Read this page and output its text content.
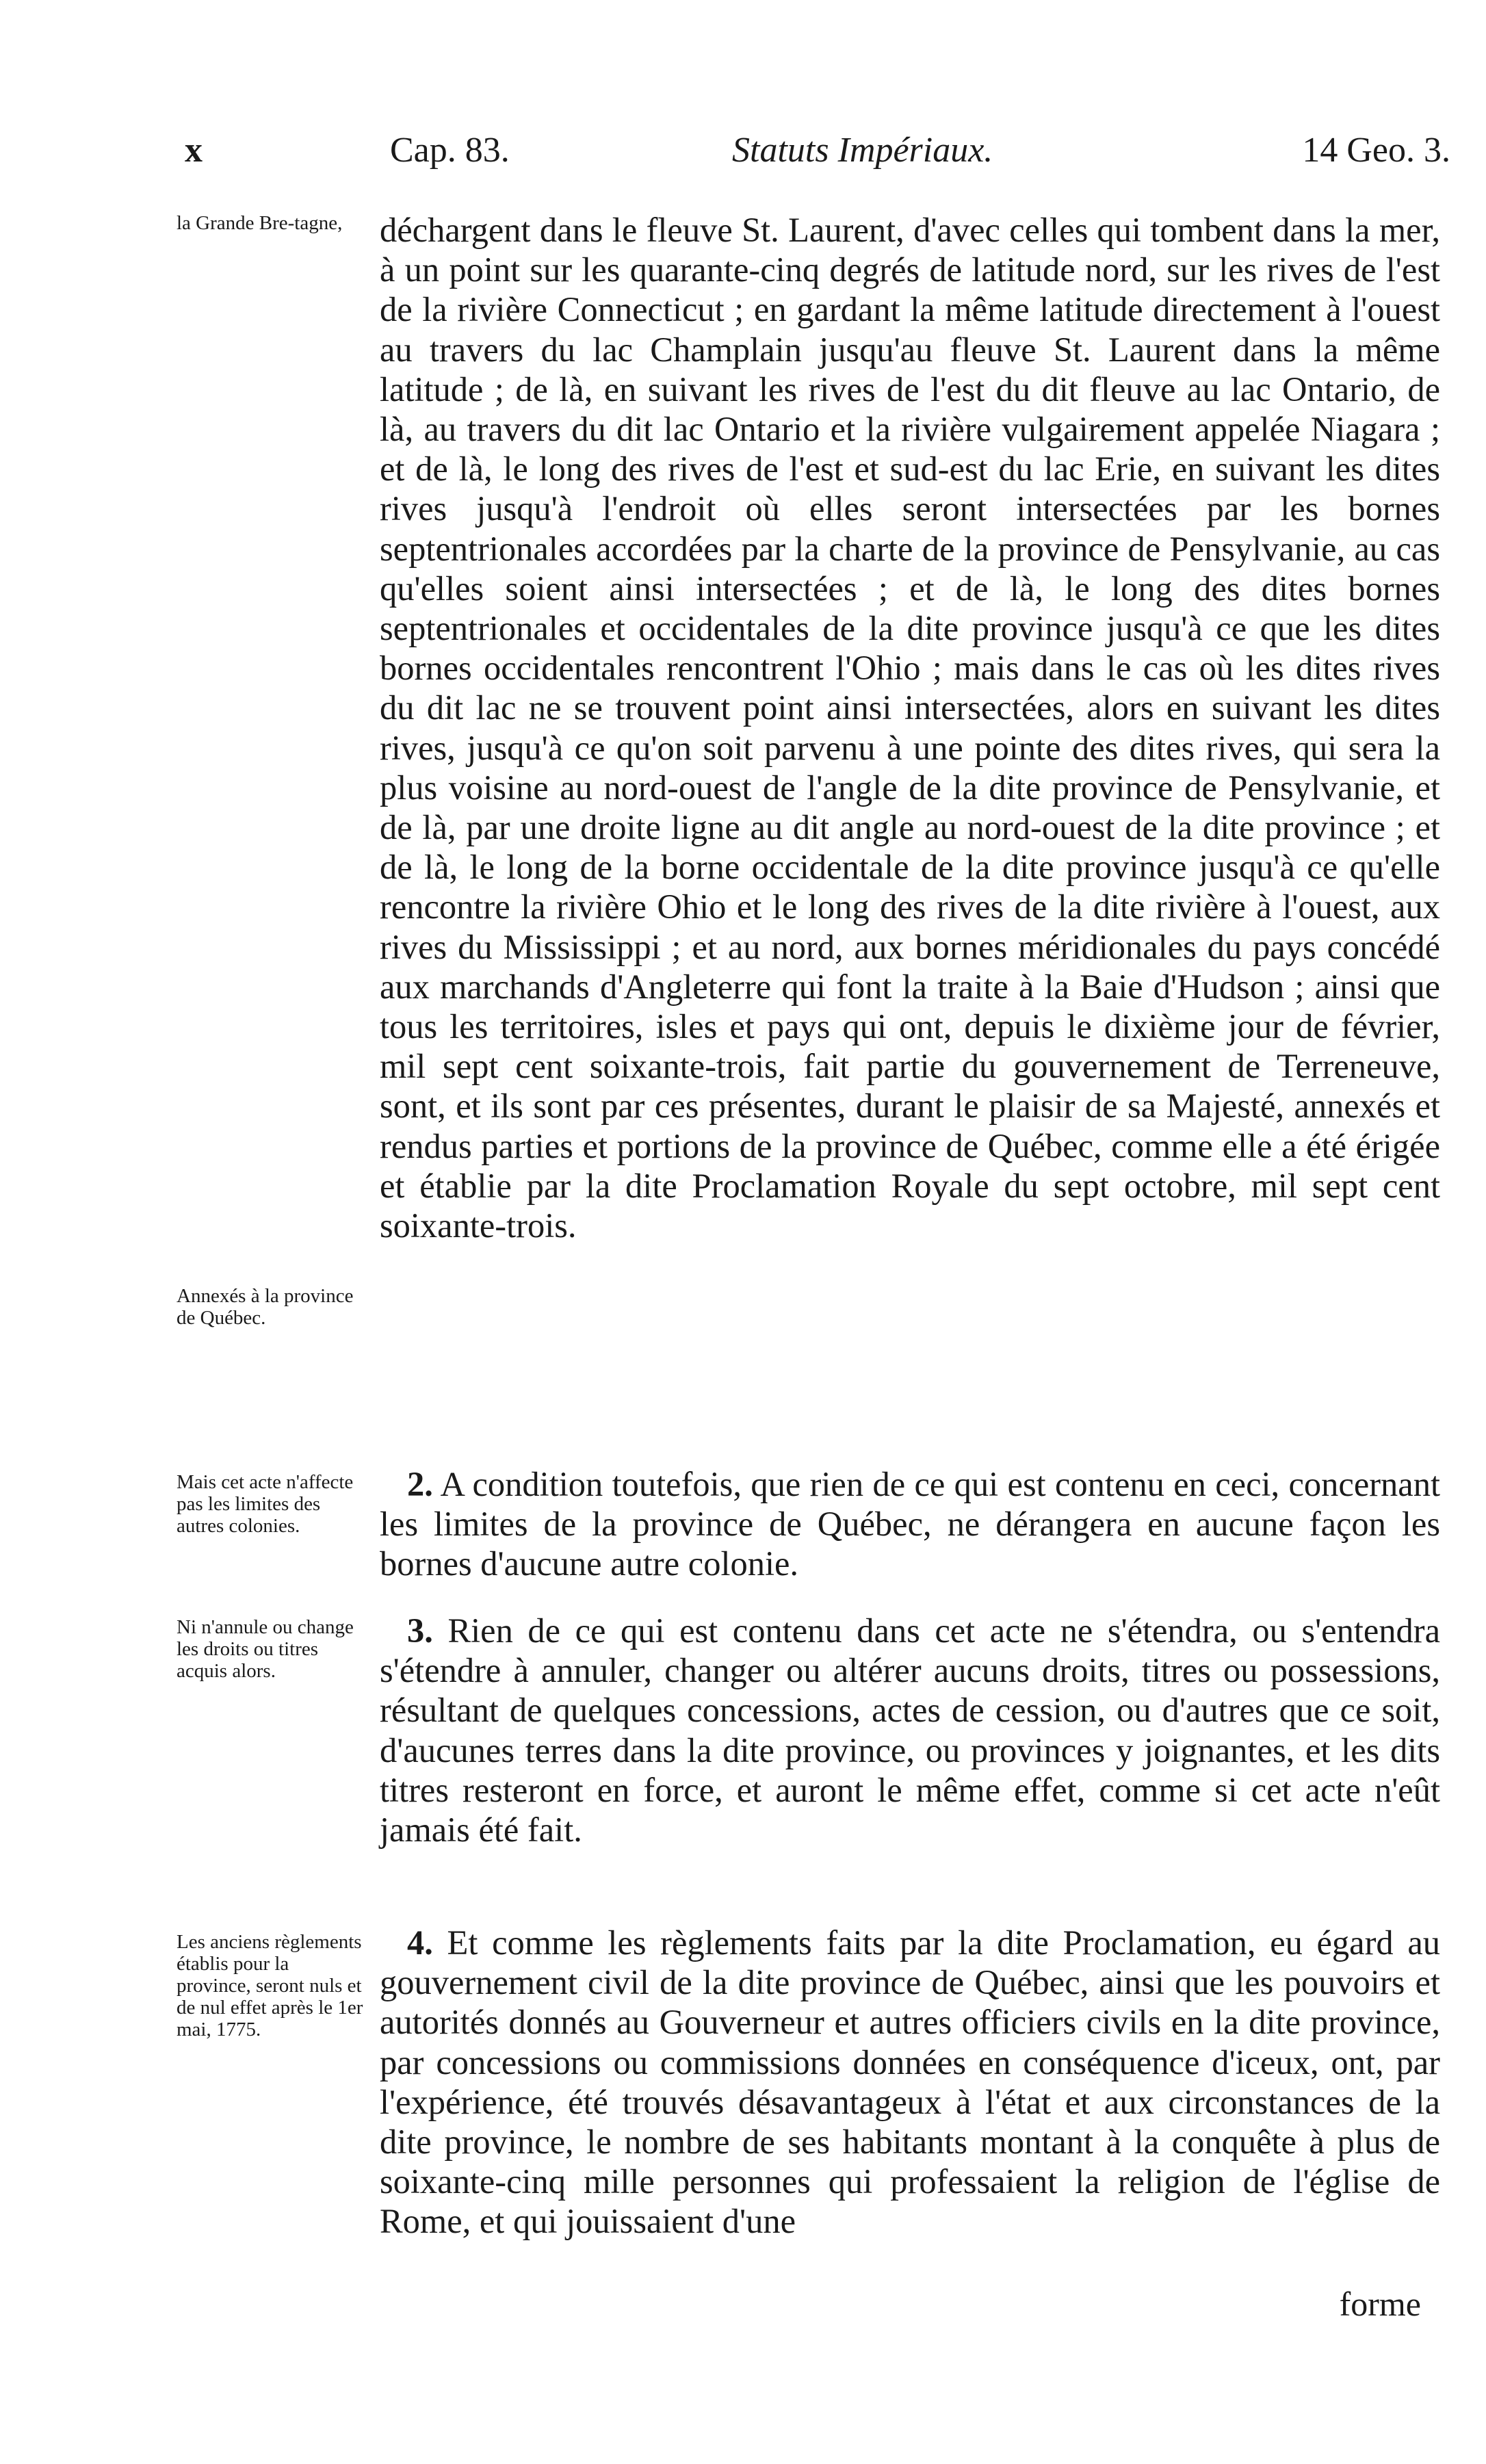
x	Cap. 83.	Statuts Impériaux.	14 Geo. 3.

la Grande Bre-tagne,

Annexés à la province de Québec.

Mais cet acte n'affecte pas les limites des autres colonies.

Ni n'annule ou change les droits ou titres acquis alors.

Les anciens règlements établis pour la province, seront nuls et de nul effet après le 1er mai, 1775.

déchargent dans le fleuve St. Laurent, d'avec celles qui tombent dans la mer, à un point sur les quarante-cinq degrés de latitude nord, sur les rives de l'est de la rivière Connecticut ; en gardant la même latitude directement à l'ouest au travers du lac Champlain jusqu'au fleuve St. Laurent dans la même latitude ; de là, en suivant les rives de l'est du dit fleuve au lac Ontario, de là, au travers du dit lac Ontario et la rivière vulgairement appelée Niagara ; et de là, le long des rives de l'est et sud-est du lac Erie, en suivant les dites rives jusqu'à l'endroit où elles seront intersectées par les bornes septentrionales accordées par la charte de la province de Pensylvanie, au cas qu'elles soient ainsi intersectées ; et de là, le long des dites bornes septentrionales et occidentales de la dite province jusqu'à ce que les dites bornes occidentales rencontrent l'Ohio ; mais dans le cas où les dites rives du dit lac ne se trouvent point ainsi intersectées, alors en suivant les dites rives, jusqu'à ce qu'on soit parvenu à une pointe des dites rives, qui sera la plus voisine au nord-ouest de l'angle de la dite province de Pensylvanie, et de là, par une droite ligne au dit angle au nord-ouest de la dite province ; et de là, le long de la borne occidentale de la dite province jusqu'à ce qu'elle rencontre la rivière Ohio et le long des rives de la dite rivière à l'ouest, aux rives du Mississippi ; et au nord, aux bornes méridionales du pays concédé aux marchands d'Angleterre qui font la traite à la Baie d'Hudson ; ainsi que tous les territoires, isles et pays qui ont, depuis le dixième jour de février, mil sept cent soixante-trois, fait partie du gouvernement de Terreneuve, sont, et ils sont par ces présentes, durant le plaisir de sa Majesté, annexés et rendus parties et portions de la province de Québec, comme elle a été érigée et établie par la dite Proclamation Royale du sept octobre, mil sept cent soixante-trois.

2. A condition toutefois, que rien de ce qui est contenu en ceci, concernant les limites de la province de Québec, ne dérangera en aucune façon les bornes d'aucune autre colonie.

3. Rien de ce qui est contenu dans cet acte ne s'étendra, ou s'entendra s'étendre à annuler, changer ou altérer aucuns droits, titres ou possessions, résultant de quelques concessions, actes de cession, ou d'autres que ce soit, d'aucunes terres dans la dite province, ou provinces y joignantes, et les dits titres resteront en force, et auront le même effet, comme si cet acte n'eût jamais été fait.

4. Et comme les règlements faits par la dite Proclamation, eu égard au gouvernement civil de la dite province de Québec, ainsi que les pouvoirs et autorités donnés au Gouverneur et autres officiers civils en la dite province, par concessions ou commissions données en conséquence d'iceux, ont, par l'expérience, été trouvés désavantageux à l'état et aux circonstances de la dite province, le nombre de ses habitants montant à la conquête à plus de soixante-cinq mille personnes qui professaient la religion de l'église de Rome, et qui jouissaient d'une

forme
